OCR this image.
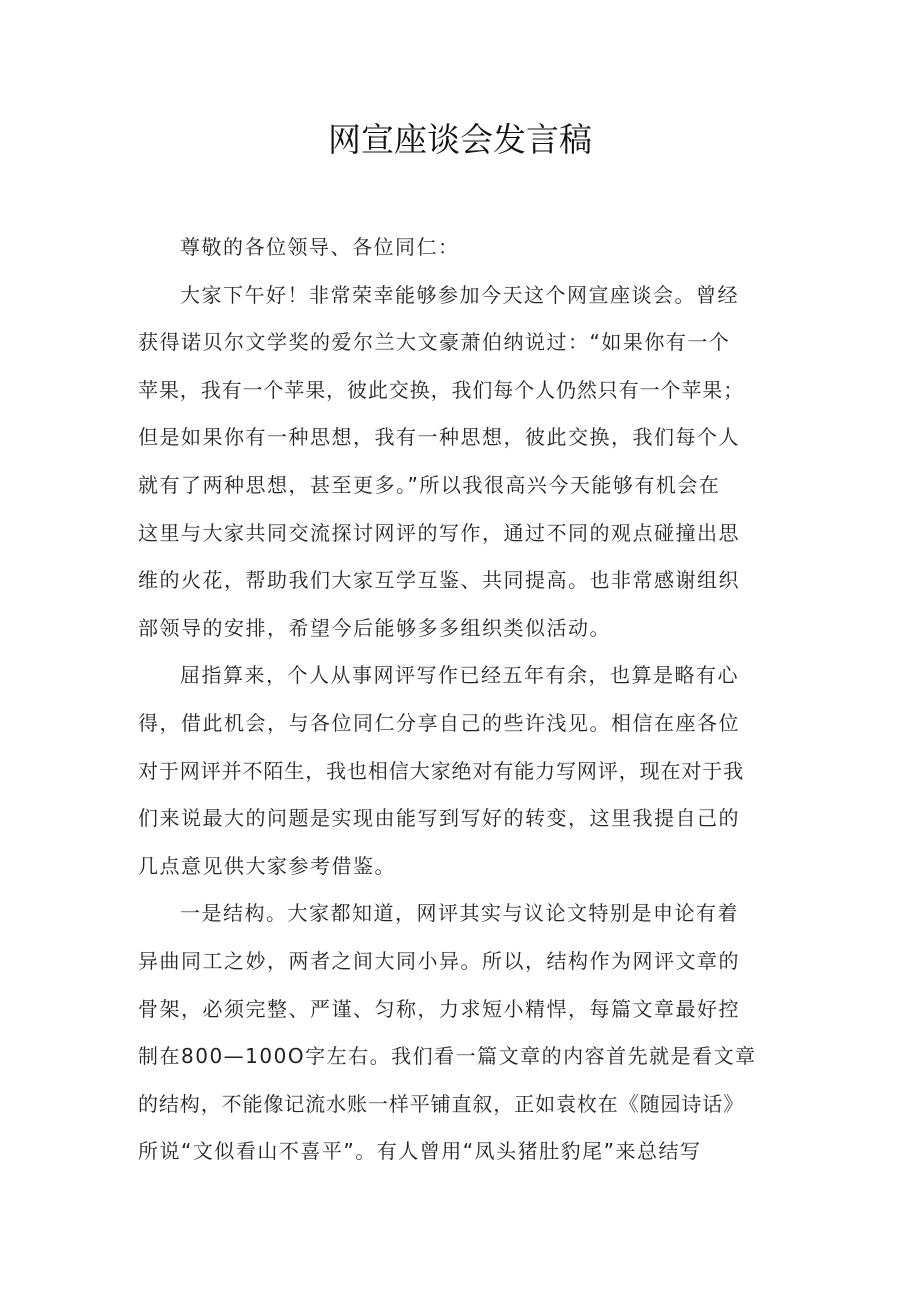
网宣座谈会发言稿
尊敬的各位领导、各位同仁：
大家下午好！非常荣幸能够参加今天这个网宣座谈会。曾经
获得诺贝尔文学奖的爱尔兰大文豪萧伯纳说过：“如果你有一个
苹果，我有一个苹果，彼此交换，我们每个人仍然只有一个苹果；
但是如果你有一种思想，我有一种思想，彼此交换，我们每个人
就有了两种思想，甚至更多。”所以我很高兴今天能够有机会在
这里与大家共同交流探讨网评的写作，通过不同的观点碰撞出思
维的火花，帮助我们大家互学互鉴、共同提高。也非常感谢组织
部领导的安排，希望今后能够多多组织类似活动。
屈指算来，个人从事网评写作已经五年有余，也算是略有心
得，借此机会，与各位同仁分享自己的些许浅见。相信在座各位
对于网评并不陌生，我也相信大家绝对有能力写网评，现在对于我
们来说最大的问题是实现由能写到写好的转变，这里我提自己的
几点意见供大家参考借鉴。
一是结构。大家都知道，网评其实与议论文特别是申论有着
异曲同工之妙，两者之间大同小异。所以，结构作为网评文章的
骨架，必须完整、严谨、匀称，力求短小精悍，每篇文章最好控
制在800—100O字左右。我们看一篇文章的内容首先就是看文章
的结构，不能像记流水账一样平铺直叙，正如袁枚在《随园诗话》
所说“文似看山不喜平”。有人曾用“凤头猪肚豹尾”来总结写
